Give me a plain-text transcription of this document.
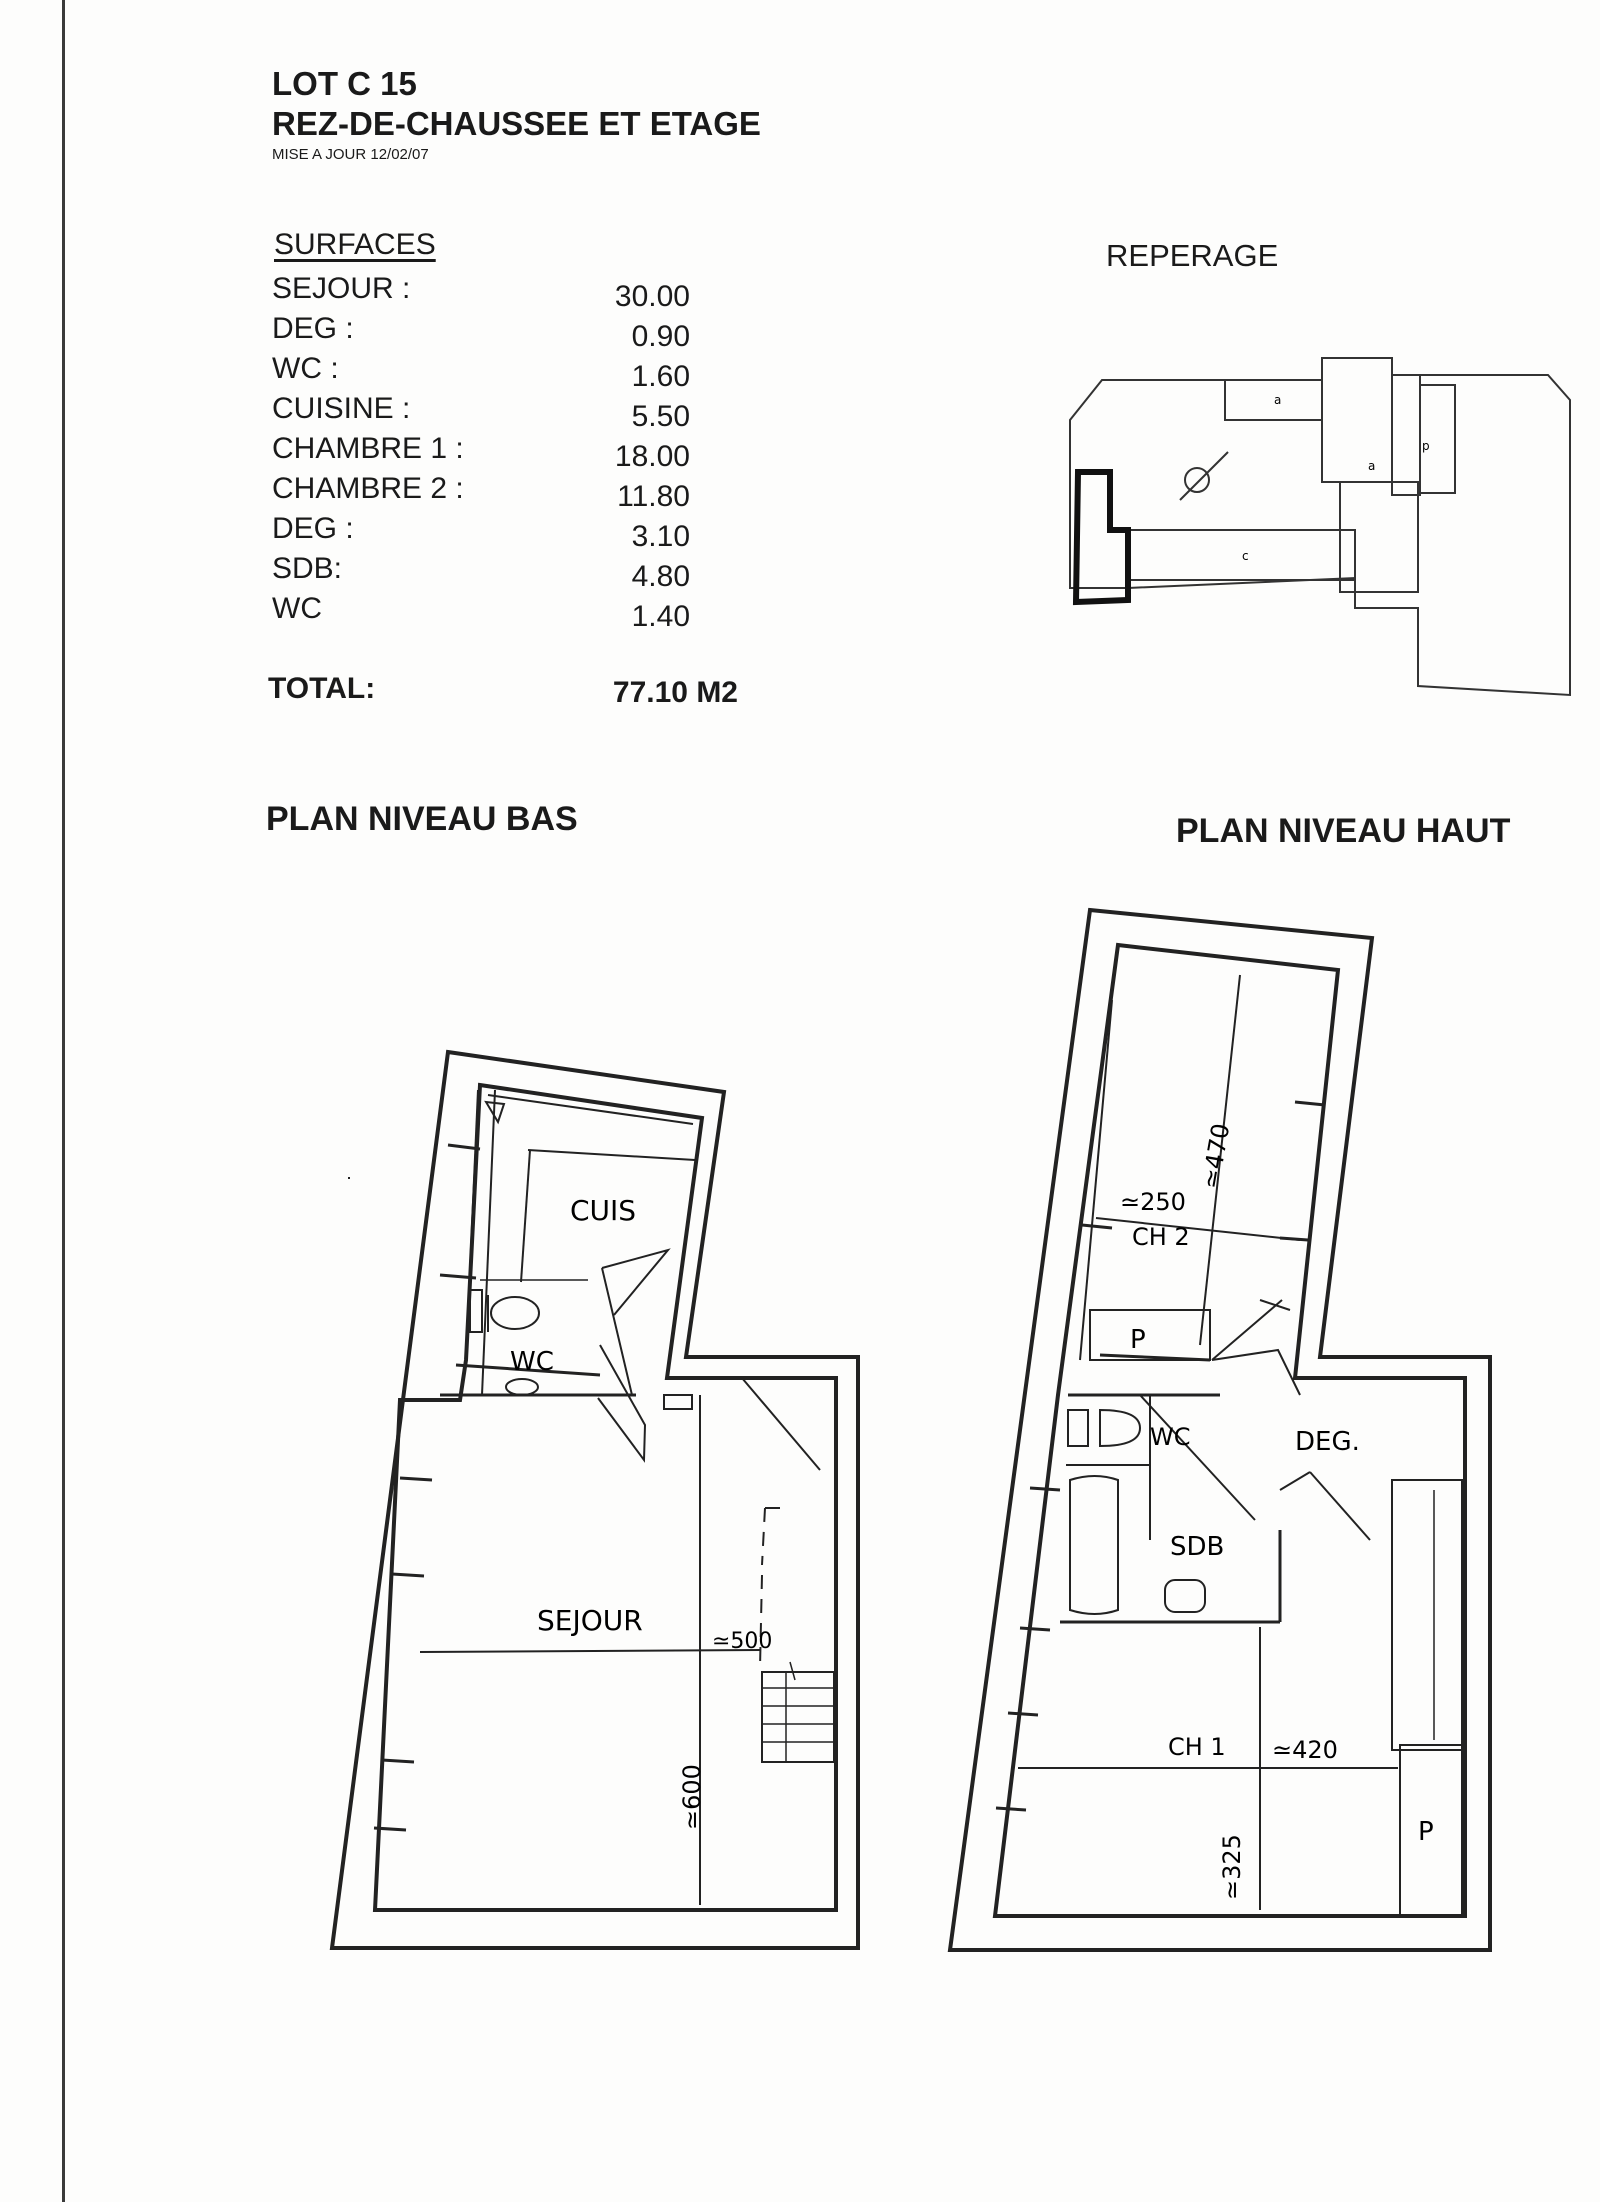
LOT C 15
REZ-DE-CHAUSSEE ET ETAGE
MISE A JOUR 12/02/07
SURFACES
SEJOUR :	30.00
DEG :	0.90
WC :	1.60
CUISINE :	5.50
CHAMBRE 1 :	18.00
CHAMBRE 2 :	11.80
DEG :	3.10
SDB:	4.80
WC	1.40
TOTAL:	77.10 M2
REPERAGE
a
a
p
c
PLAN NIVEAU BAS	PLAN NIVEAU HAUT
CUIS
WC
SEJOUR
≃500
≃600
CH 2
P
WC	DEG.
SDB
CH 1
P
≃250
≃470
≃420
≃325
